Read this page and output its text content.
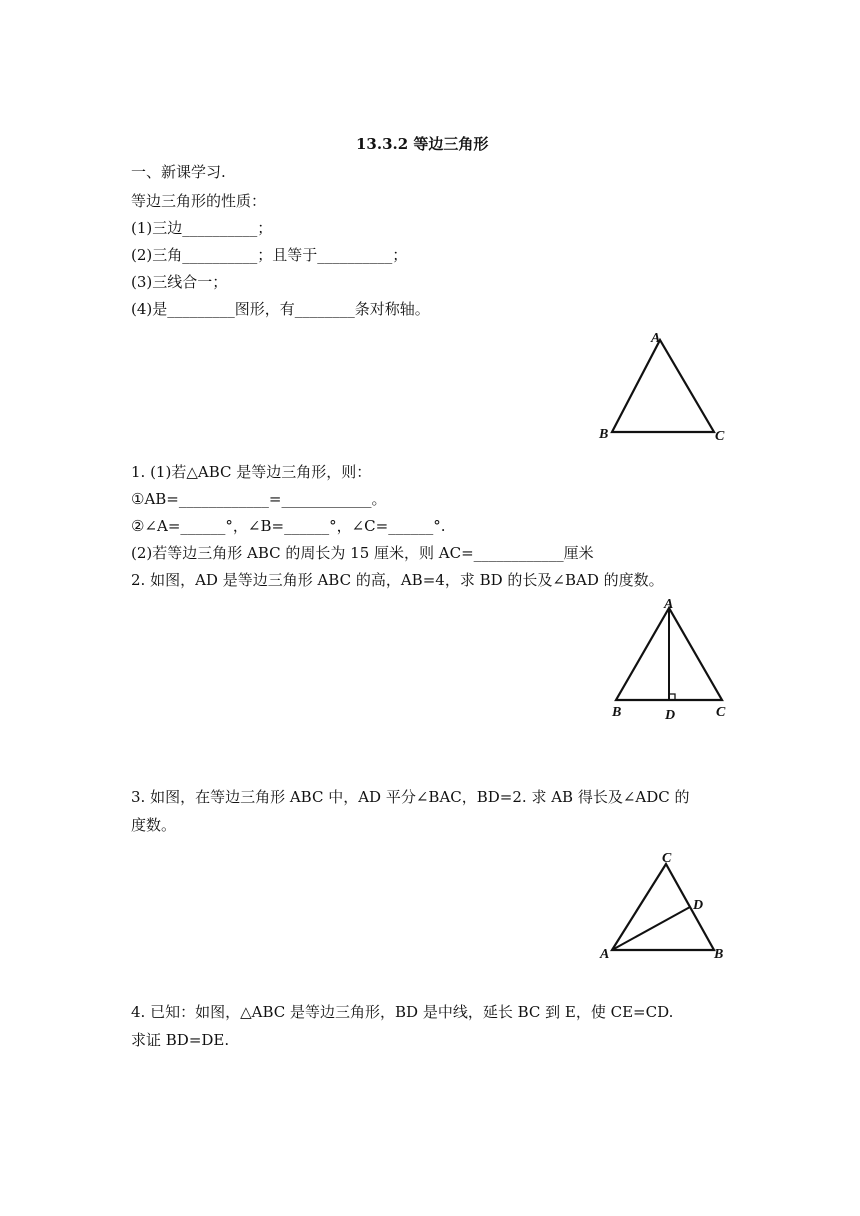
13.3.2 等边三角形
一、新课学习.
等边三角形的性质：
(1)三边__________；
(2)三角__________；且等于__________；
(3)三线合一；
(4)是_________图形，有________条对称轴。
A
B	C
1. (1)若△ABC 是等边三角形，则：
①AB=____________=____________。
②∠A=______°，∠B=______°，∠C=______°.
(2)若等边三角形 ABC 的周长为 15 厘米，则 AC=____________厘米
2. 如图，AD 是等边三角形 ABC 的高，AB=4，求 BD 的长及∠BAD 的度数。
A
B	C
D
3. 如图，在等边三角形 ABC 中，AD 平分∠BAC，BD=2. 求 AB 得长及∠ADC 的
度数。
C
D
A	B
4. 已知：如图，△ABC 是等边三角形，BD 是中线，延长 BC 到 E，使 CE=CD.
求证 BD=DE.
